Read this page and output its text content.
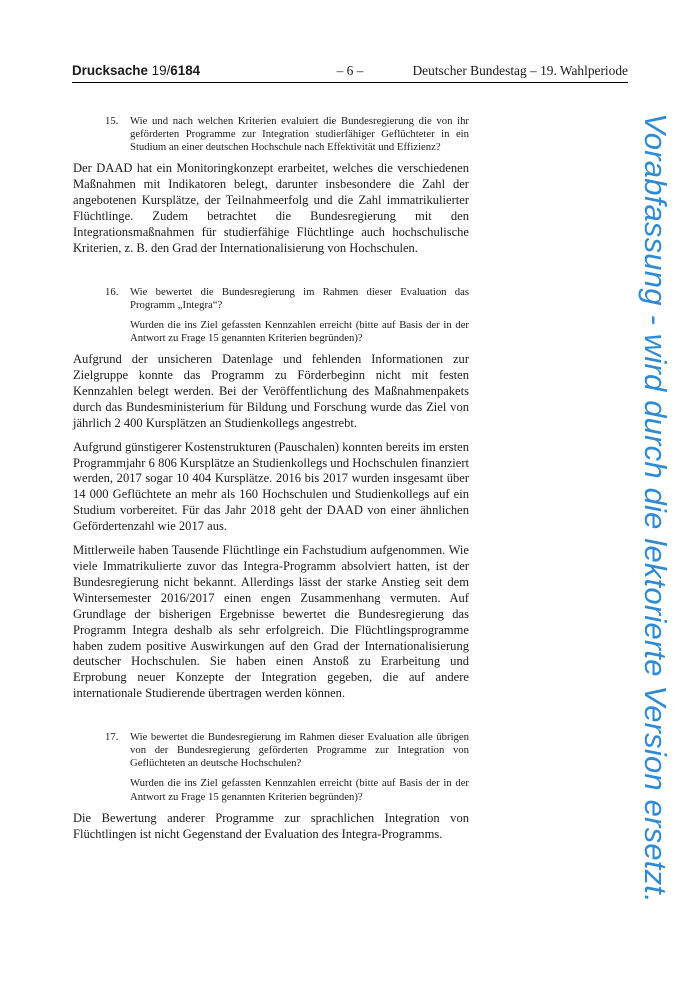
Drucksache 19/6184	– 6 –	Deutscher Bundestag – 19. Wahlperiode
15. Wie und nach welchen Kriterien evaluiert die Bundesregierung die von ihr geförderten Programme zur Integration studierfähiger Geflüchteter in ein Studium an einer deutschen Hochschule nach Effektivität und Effizienz?

Der DAAD hat ein Monitoringkonzept erarbeitet, welches die verschiedenen Maßnahmen mit Indikatoren belegt, darunter insbesondere die Zahl der angebotenen Kursplätze, der Teilnahmeerfolg und die Zahl immatrikulierter Flüchtlinge. Zudem betrachtet die Bundesregierung mit den Integrationsmaßnahmen für studierfähige Flüchtlinge auch hochschulische Kriterien, z. B. den Grad der Internationalisierung von Hochschulen.

16. Wie bewertet die Bundesregierung im Rahmen dieser Evaluation das Programm „Integra“?

Wurden die ins Ziel gefassten Kennzahlen erreicht (bitte auf Basis der in der Antwort zu Frage 15 genannten Kriterien begründen)?

Aufgrund der unsicheren Datenlage und fehlenden Informationen zur Zielgruppe konnte das Programm zu Förderbeginn nicht mit festen Kennzahlen belegt werden. Bei der Veröffentlichung des Maßnahmenpakets durch das Bundesministerium für Bildung und Forschung wurde das Ziel von jährlich 2 400 Kursplätzen an Studienkollegs angestrebt.

Aufgrund günstigerer Kostenstrukturen (Pauschalen) konnten bereits im ersten Programmjahr 6 806 Kursplätze an Studienkollegs und Hochschulen finanziert werden, 2017 sogar 10 404 Kursplätze. 2016 bis 2017 wurden insgesamt über 14 000 Geflüchtete an mehr als 160 Hochschulen und Studienkollegs auf ein Studium vorbereitet. Für das Jahr 2018 geht der DAAD von einer ähnlichen Gefördertenzahl wie 2017 aus.

Mittlerweile haben Tausende Flüchtlinge ein Fachstudium aufgenommen. Wie viele Immatrikulierte zuvor das Integra-Programm absolviert hatten, ist der Bundesregierung nicht bekannt. Allerdings lässt der starke Anstieg seit dem Wintersemester 2016/2017 einen engen Zusammenhang vermuten. Auf Grundlage der bisherigen Ergebnisse bewertet die Bundesregierung das Programm Integra deshalb als sehr erfolgreich. Die Flüchtlingsprogramme haben zudem positive Auswirkungen auf den Grad der Internationalisierung deutscher Hochschulen. Sie haben einen Anstoß zu Erarbeitung und Erprobung neuer Konzepte der Integration gegeben, die auf andere internationale Studierende übertragen werden können.

17. Wie bewertet die Bundesregierung im Rahmen dieser Evaluation alle übrigen von der Bundesregierung geförderten Programme zur Integration von Geflüchteten an deutsche Hochschulen?

Wurden die ins Ziel gefassten Kennzahlen erreicht (bitte auf Basis der in der Antwort zu Frage 15 genannten Kriterien begründen)?

Die Bewertung anderer Programme zur sprachlichen Integration von Flüchtlingen ist nicht Gegenstand der Evaluation des Integra-Programms.	Vorabfassung - wird durch die lektorierte Version ersetzt.
